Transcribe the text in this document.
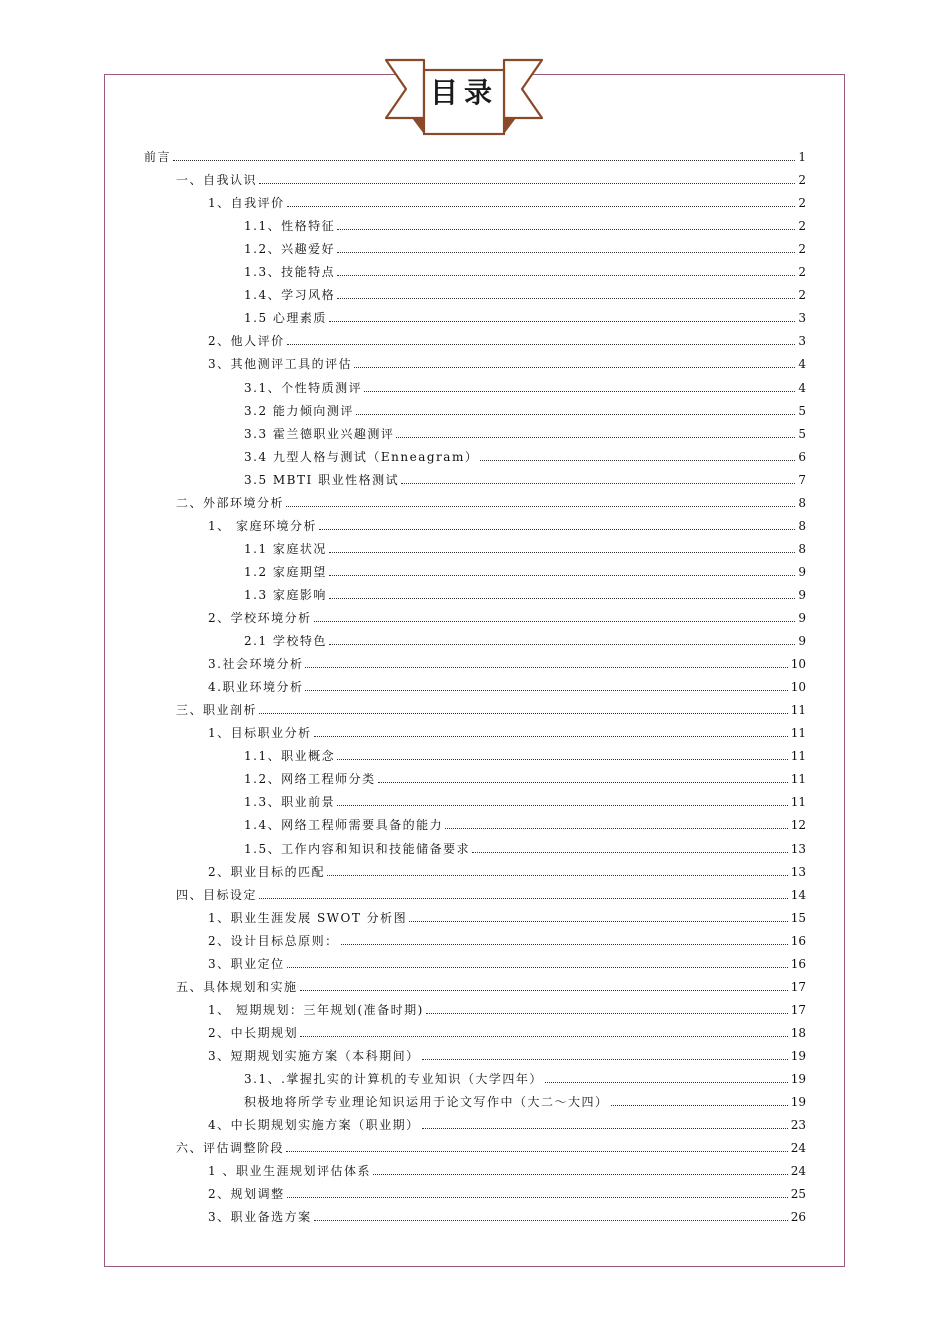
目录
前言	1
一、自我认识	2
1、自我评价	2
1.1、性格特征	2
1.2、兴趣爱好	2
1.3、技能特点	2
1.4、学习风格	2
1.5 心理素质	3
2、他人评价	3
3、其他测评工具的评估	4
3.1、个性特质测评	4
3.2 能力倾向测评	5
3.3 霍兰德职业兴趣测评	5
3.4 九型人格与测试（Enneagram）	6
3.5 MBTI 职业性格测试	7
二、外部环境分析	8
1、 家庭环境分析	8
1.1 家庭状况	8
1.2 家庭期望	9
1.3 家庭影响	9
2、学校环境分析	9
2.1 学校特色	9
3.社会环境分析	10
4.职业环境分析	10
三、职业剖析	11
1、目标职业分析	11
1.1、职业概念	11
1.2、网络工程师分类	11
1.3、职业前景	11
1.4、网络工程师需要具备的能力	12
1.5、工作内容和知识和技能储备要求	13
2、职业目标的匹配	13
四、目标设定	14
1、职业生涯发展 SWOT 分析图	15
2、设计目标总原则：	16
3、职业定位	16
五、具体规划和实施	17
1、 短期规划：三年规划(准备时期)	17
2、中长期规划	18
3、短期规划实施方案（本科期间）	19
3.1、.掌握扎实的计算机的专业知识（大学四年）	19
积极地将所学专业理论知识运用于论文写作中（大二～大四）	19
4、中长期规划实施方案（职业期）	23
六、评估调整阶段	24
1 、职业生涯规划评估体系	24
2、规划调整	25
3、职业备选方案	26
